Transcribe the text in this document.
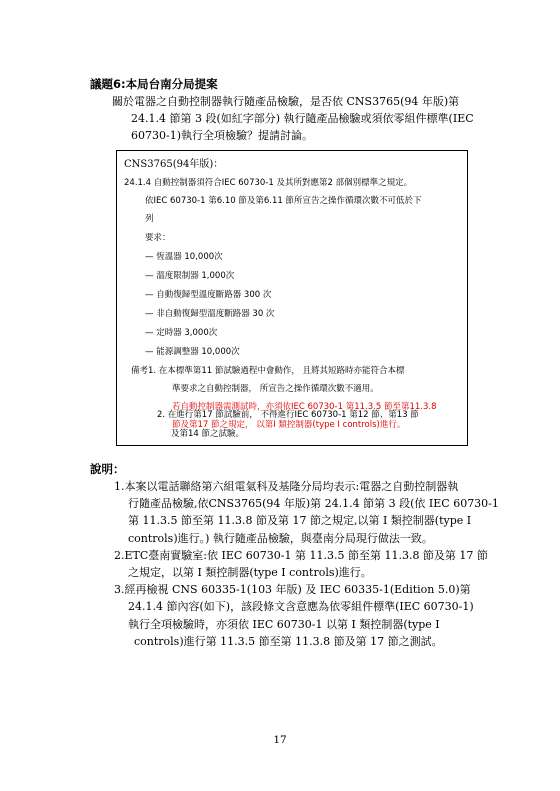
議題6:本局台南分局提案
關於電器之自動控制器執行隨產品檢驗，是否依 CNS3765(94 年版)第
24.1.4 節第 3 段(如紅字部分) 執行隨產品檢驗或須依零組件標準(IEC
60730-1)執行全項檢驗？提請討論。
CNS3765(94年版)：
24.1.4 自動控制器須符合IEC 60730-1 及其所對應第2 部個別標準之規定。
依IEC 60730-1 第6.10 節及第6.11 節所宣告之操作循環次數不可低於下
列
要求：
— 恆溫器 10,000次
— 溫度限制器 1,000次
— 自動復歸型溫度斷路器 300 次
— 非自動復歸型溫度斷路器 30 次
— 定時器 3,000次
— 能源調整器 10,000次
備考1. 在本標準第11 節試驗過程中會動作， 且將其短路時亦能符合本標
準要求之自動控制器， 所宣告之操作循環次數不適用。
若自動控制器需測試時，亦須依IEC 60730-1 第11.3.5 節至第11.3.8
節及第17 節之規定， 以第I 類控制器(type I controls)進行。
2. 在進行第17 節試驗前， 不得進行IEC 60730-1 第12 節、第13 節
及第14 節之試驗。
說明：
1.本案以電話聯絡第六組電氣科及基隆分局均表示:電器之自動控制器執
行隨產品檢驗,依CNS3765(94 年版)第 24.1.4 節第 3 段(依 IEC 60730-1
第 11.3.5 節至第 11.3.8 節及第 17 節之規定,以第 I 類控制器(type I
controls)進行。) 執行隨產品檢驗，與臺南分局現行做法一致。
2.ETC臺南實驗室:依 IEC 60730-1 第 11.3.5 節至第 11.3.8 節及第 17 節
之規定，以第 I 類控制器(type I controls)進行。
3.經再檢視 CNS 60335-1(103 年版) 及 IEC 60335-1(Edition 5.0)第
24.1.4 節內容(如下)，該段條文含意應為依零組件標準(IEC 60730-1)
執行全項檢驗時，亦須依 IEC 60730-1 以第 I 類控制器(type I
controls)進行第 11.3.5 節至第 11.3.8 節及第 17 節之測試。
17
